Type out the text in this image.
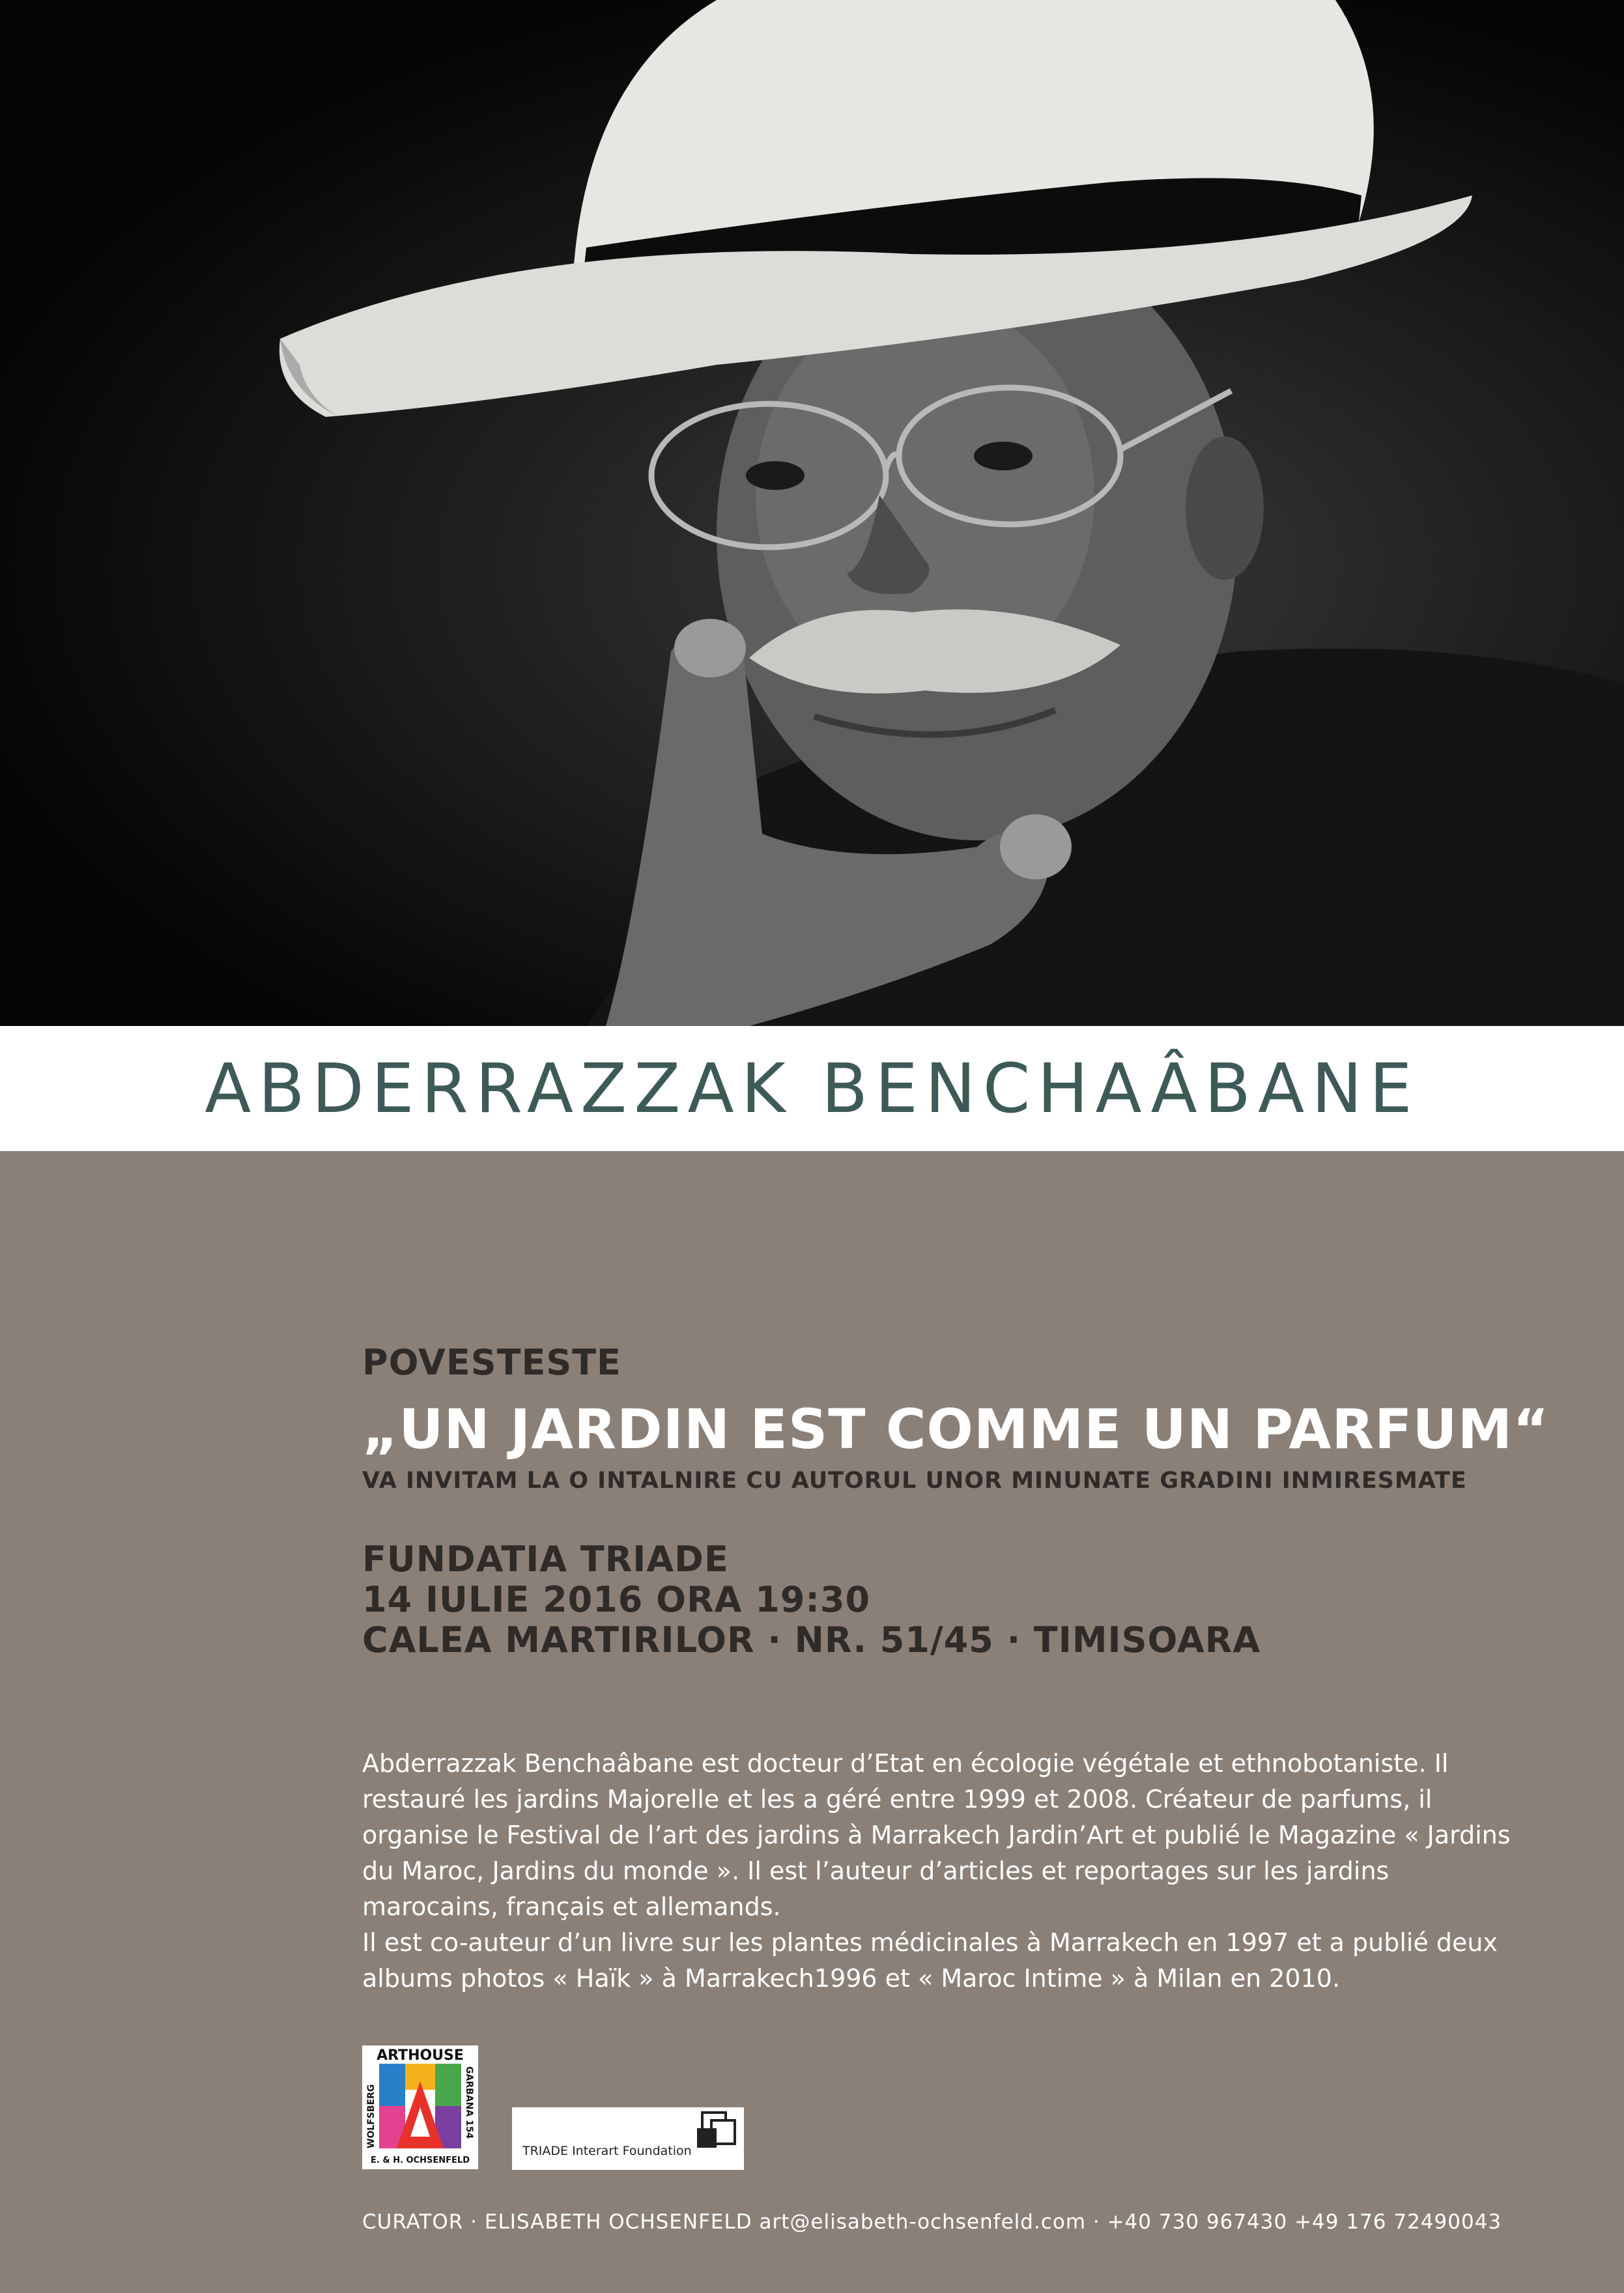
ABDERRAZZAK BENCHAÂBANE
POVESTESTE
„UN JARDIN EST COMME UN PARFUM“
VA INVITAM LA O INTALNIRE CU AUTORUL UNOR MINUNATE GRADINI INMIRESMATE
FUNDATIA TRIADE
14 IULIE 2016 ORA 19:30
CALEA MARTIRILOR · NR. 51/45 · TIMISOARA

Abderrazzak Benchaâbane est docteur d’Etat en écologie végétale et ethnobotaniste. Il restauré les jardins Majorelle et les a géré entre 1999 et 2008. Créateur de parfums, il organise le Festival de l’art des jardins à Marrakech Jardin’Art et publié le Magazine « Jardins du Maroc, Jardins du monde ». Il est l’auteur d’articles et reportages sur les jardins marocains, français et allemands.

Il est co-auteur d’un livre sur les plantes médicinales à Marrakech en 1997 et a publié deux albums photos « Haïk » à Marrakech1996 et « Maroc Intime » à Milan en 2010.

ARTHOUSE
WOLFSBERG	GARBANA 154
E. & H. OCHSENFELD
TRIADE Interart Foundation
CURATOR · ELISABETH OCHSENFELD art@elisabeth-ochsenfeld.com · +40 730 967430 +49 176 72490043
